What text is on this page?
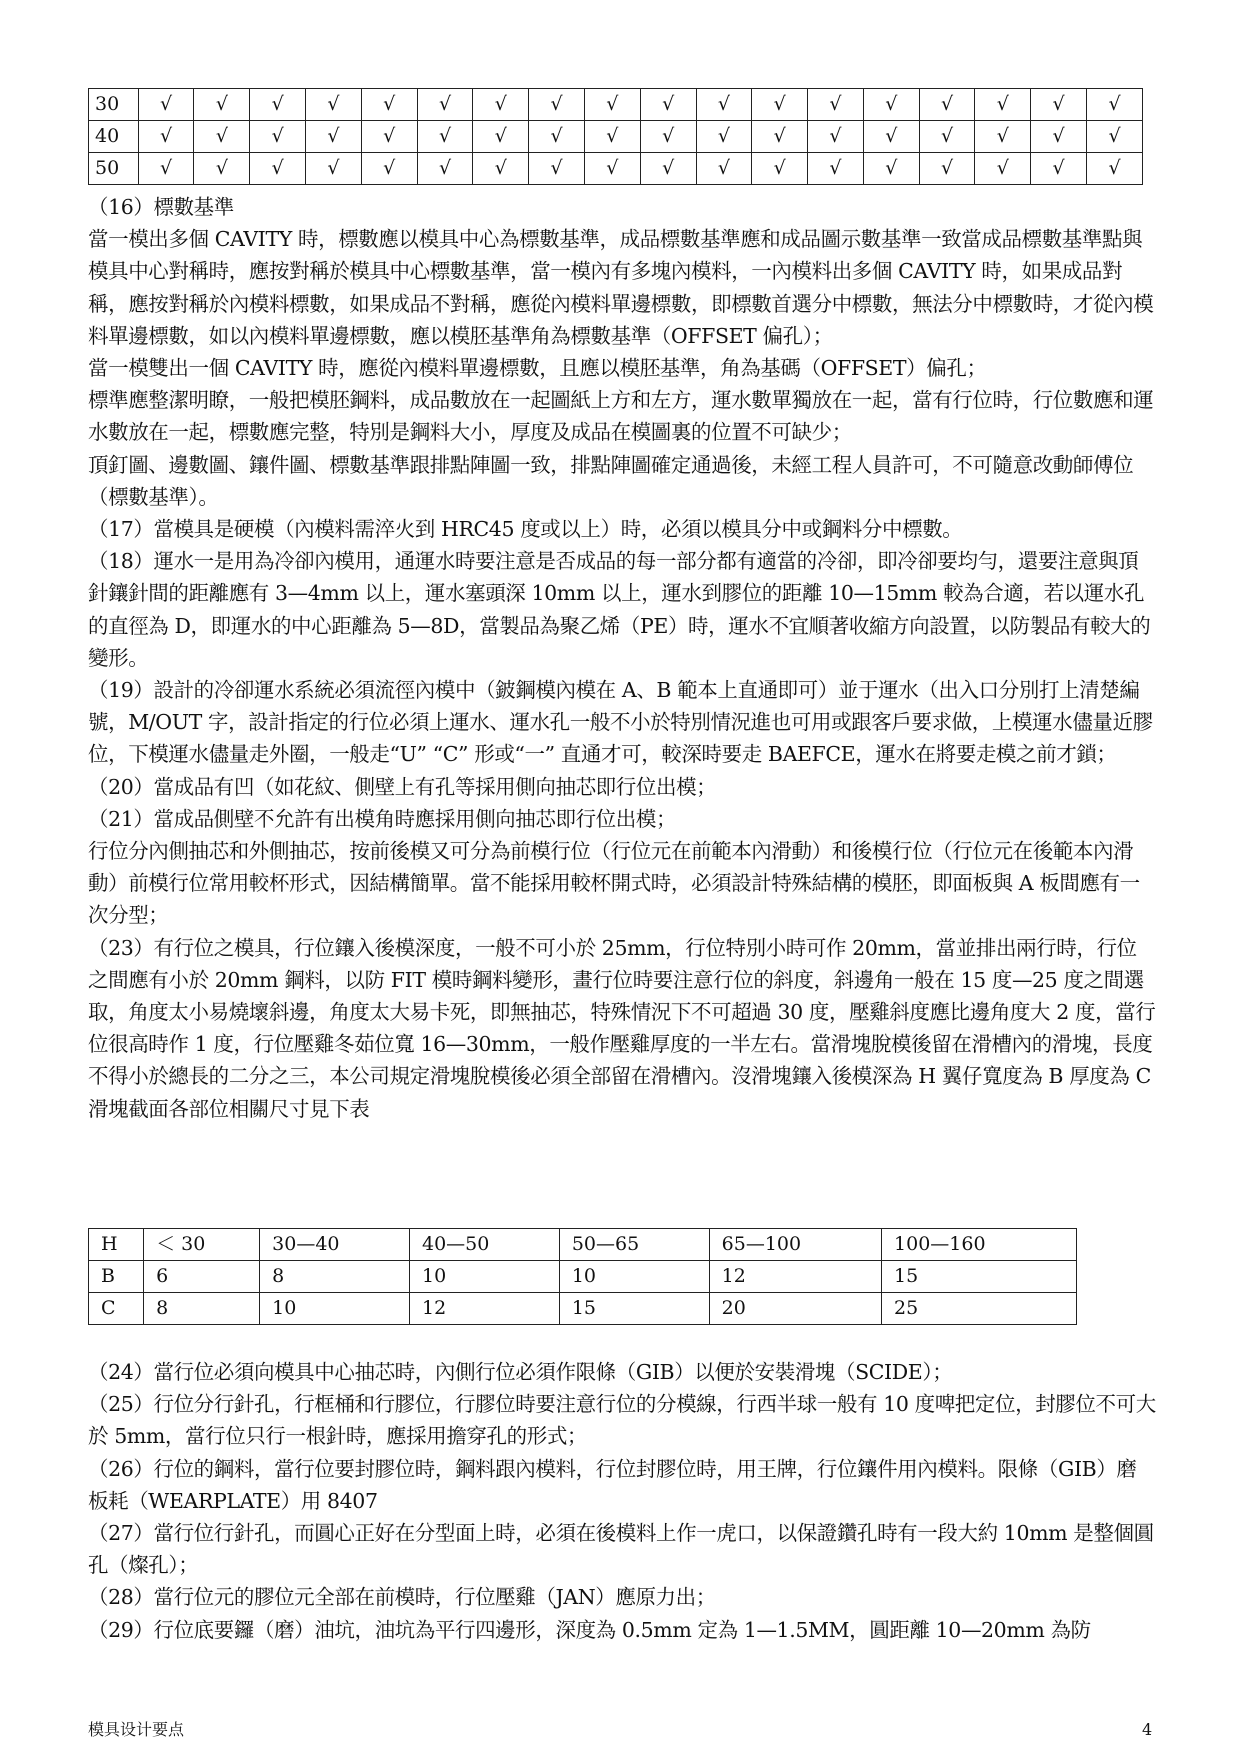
30	√	√	√	√	√	√	√	√	√	√	√	√	√	√	√	√	√	√
40	√	√	√	√	√	√	√	√	√	√	√	√	√	√	√	√	√	√
50	√	√	√	√	√	√	√	√	√	√	√	√	√	√	√	√	√	√

（16）標數基準

當一模出多個 CAVITY 時，標數應以模具中心為標數基準，成品標數基準應和成品圖示數基準一致當成品標數基準點與模具中心對稱時，應按對稱於模具中心標數基準，當一模內有多塊內模料，一內模料出多個 CAVITY 時，如果成品對稱，應按對稱於內模料標數，如果成品不對稱，應從內模料單邊標數，即標數首選分中標數，無法分中標數時，才從內模料單邊標數，如以內模料單邊標數，應以模胚基準角為標數基準（OFFSET 偏孔）；

當一模雙出一個 CAVITY 時，應從內模料單邊標數，且應以模胚基準，角為基碼（OFFSET）偏孔；

標準應整潔明瞭，一般把模胚鋼料，成品數放在一起圖紙上方和左方，運水數單獨放在一起，當有行位時，行位數應和運水數放在一起，標數應完整，特別是鋼料大小，厚度及成品在模圖裏的位置不可缺少；

頂釘圖、邊數圖、鑲件圖、標數基準跟排點陣圖一致，排點陣圖確定通過後，未經工程人員許可，不可隨意改動師傅位（標數基準）。

（17）當模具是硬模（內模料需淬火到 HRC45 度或以上）時，必須以模具分中或鋼料分中標數。

（18）運水一是用為冷卻內模用，通運水時要注意是否成品的每一部分都有適當的冷卻，即冷卻要均勻，還要注意與頂針鑲針間的距離應有 3—4mm 以上，運水塞頭深 10mm 以上，運水到膠位的距離 10—15mm 較為合適，若以運水孔的直徑為 D，即運水的中心距離為 5—8D，當製品為聚乙烯（PE）時，運水不宜順著收縮方向設置，以防製品有較大的變形。

（19）設計的冷卻運水系統必須流徑內模中（鈹鋼模內模在 A、B 範本上直通即可）並于運水（出入口分別打上清楚編號，M/OUT 字，設計指定的行位必須上運水、運水孔一般不小於特別情況進也可用或跟客戶要求做，上模運水儘量近膠位，下模運水儘量走外圈，一般走“U” “C” 形或“一” 直通才可，較深時要走 BAEFCE，運水在將要走模之前才鎖；

（20）當成品有凹（如花紋、側壁上有孔等採用側向抽芯即行位出模；

（21）當成品側壁不允許有出模角時應採用側向抽芯即行位出模；

行位分內側抽芯和外側抽芯，按前後模又可分為前模行位（行位元在前範本內滑動）和後模行位（行位元在後範本內滑動）前模行位常用較杯形式，因結構簡單。當不能採用較杯開式時，必須設計特殊結構的模胚，即面板與 A 板間應有一次分型；

（23）有行位之模具，行位鑲入後模深度，一般不可小於 25mm，行位特別小時可作 20mm，當並排出兩行時，行位之間應有小於 20mm 鋼料，以防 FIT 模時鋼料變形，畫行位時要注意行位的斜度，斜邊角一般在 15 度—25 度之間選取，角度太小易燒壞斜邊，角度太大易卡死，即無抽芯，特殊情況下不可超過 30 度，壓雞斜度應比邊角度大 2 度，當行位很高時作 1 度，行位壓雞冬茹位寬 16—30mm，一般作壓雞厚度的一半左右。當滑塊脫模後留在滑槽內的滑塊，長度不得小於總長的二分之三，本公司規定滑塊脫模後必須全部留在滑槽內。沒滑塊鑲入後模深為 H 翼仔寬度為 B 厚度為 C 滑塊截面各部位相關尺寸見下表

H	＜ 30	30—40	40—50	50—65	65—100	100—160
B	6	8	10	10	12	15
C	8	10	12	15	20	25

（24）當行位必須向模具中心抽芯時，內側行位必須作限條（GIB）以便於安裝滑塊（SCIDE）；

（25）行位分行針孔，行框桶和行膠位，行膠位時要注意行位的分模線，行西半球一般有 10 度啤把定位，封膠位不可大於 5mm，當行位只行一根針時，應採用擔穿孔的形式；

（26）行位的鋼料，當行位要封膠位時，鋼料跟內模料，行位封膠位時，用王牌，行位鑲件用內模料。限條（GIB）磨板耗（WEARPLATE）用 8407

（27）當行位行針孔，而圓心正好在分型面上時，必須在後模料上作一虎口，以保證鑽孔時有一段大約 10mm 是整個圓孔（燦孔）；

（28）當行位元的膠位元全部在前模時，行位壓雞（JAN）應原力出；

（29）行位底要鑼（磨）油坑，油坑為平行四邊形，深度為 0.5mm 定為 1—1.5MM，圓距離 10—20mm 為防

模具设计要点	4
